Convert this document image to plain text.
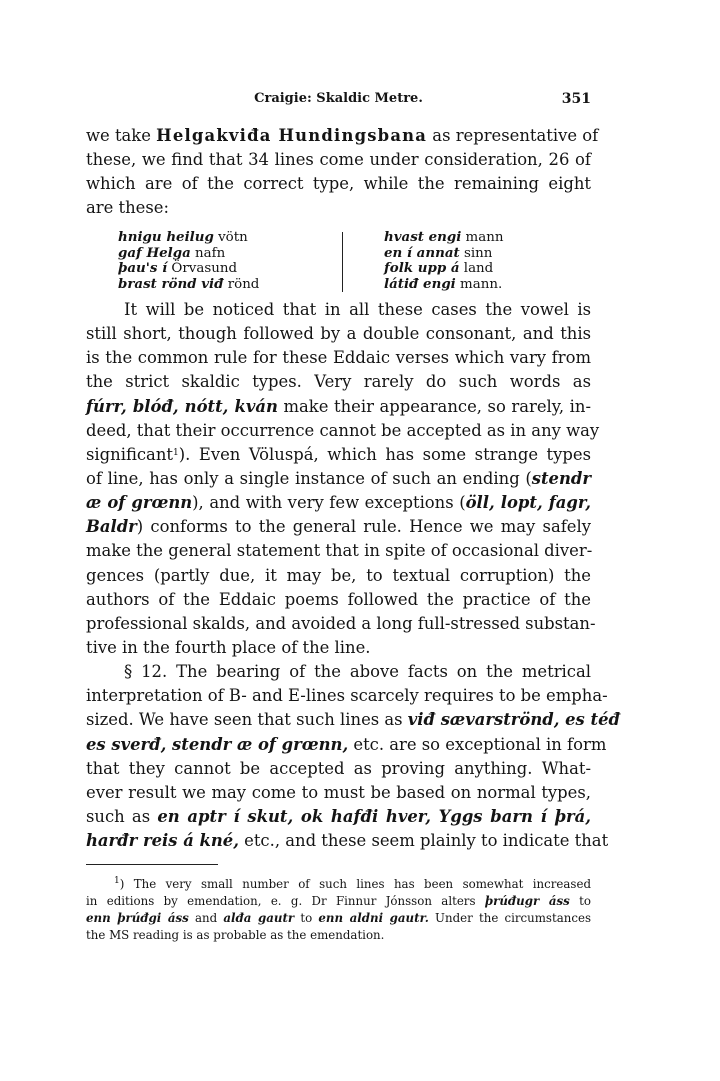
Craigie: Skaldic Metre.	351
we take Helgakviđa Hundingsbana as representative of
these, we find that 34 lines come under consideration, 26 of
which are of the correct type, while the remaining eight
are these:
hnigu heilug vötn
gaf Helga nafn
þau's í Örvasund
brast rönd viđ rönd
hvast engi mann
en í annat sinn
folk upp á land
látiđ engi mann.
It will be noticed that in all these cases the vowel is
still short, though followed by a double consonant, and this
is the common rule for these Eddaic verses which vary from
the strict skaldic types. Very rarely do such words as
fúrr, blóđ, nótt, kván make their appearance, so rarely, in-
deed, that their occurrence cannot be accepted as in any way
significant$^1$). Even Völuspá, which has some strange types
of line, has only a single instance of such an ending (stendr
æ of grœnn), and with very few exceptions (öll, lopt, fagr,
Baldr) conforms to the general rule. Hence we may safely
make the general statement that in spite of occasional diver-
gences (partly due, it may be, to textual corruption) the
authors of the Eddaic poems followed the practice of the
professional skalds, and avoided a long full-stressed substan-
tive in the fourth place of the line.
§ 12. The bearing of the above facts on the metrical
interpretation of B- and E-lines scarcely requires to be empha-
sized. We have seen that such lines as viđ sævarströnd, es téđ
es sverđ, stendr æ of grœnn, etc. are so exceptional in form
that they cannot be accepted as proving anything. What-
ever result we may come to must be based on normal types,
such as en aptr í skut, ok hafđi hver, Yggs barn í þrá,
harđr reis á kné, etc., and these seem plainly to indicate that
$^1$) The very small number of such lines has been somewhat increased
in editions by emendation, e. g. Dr Finnur Jónsson alters þrúđugr áss to
enn þrúđgi áss and alđa gautr to enn aldni gautr. Under the circumstances
the MS reading is as probable as the emendation.
